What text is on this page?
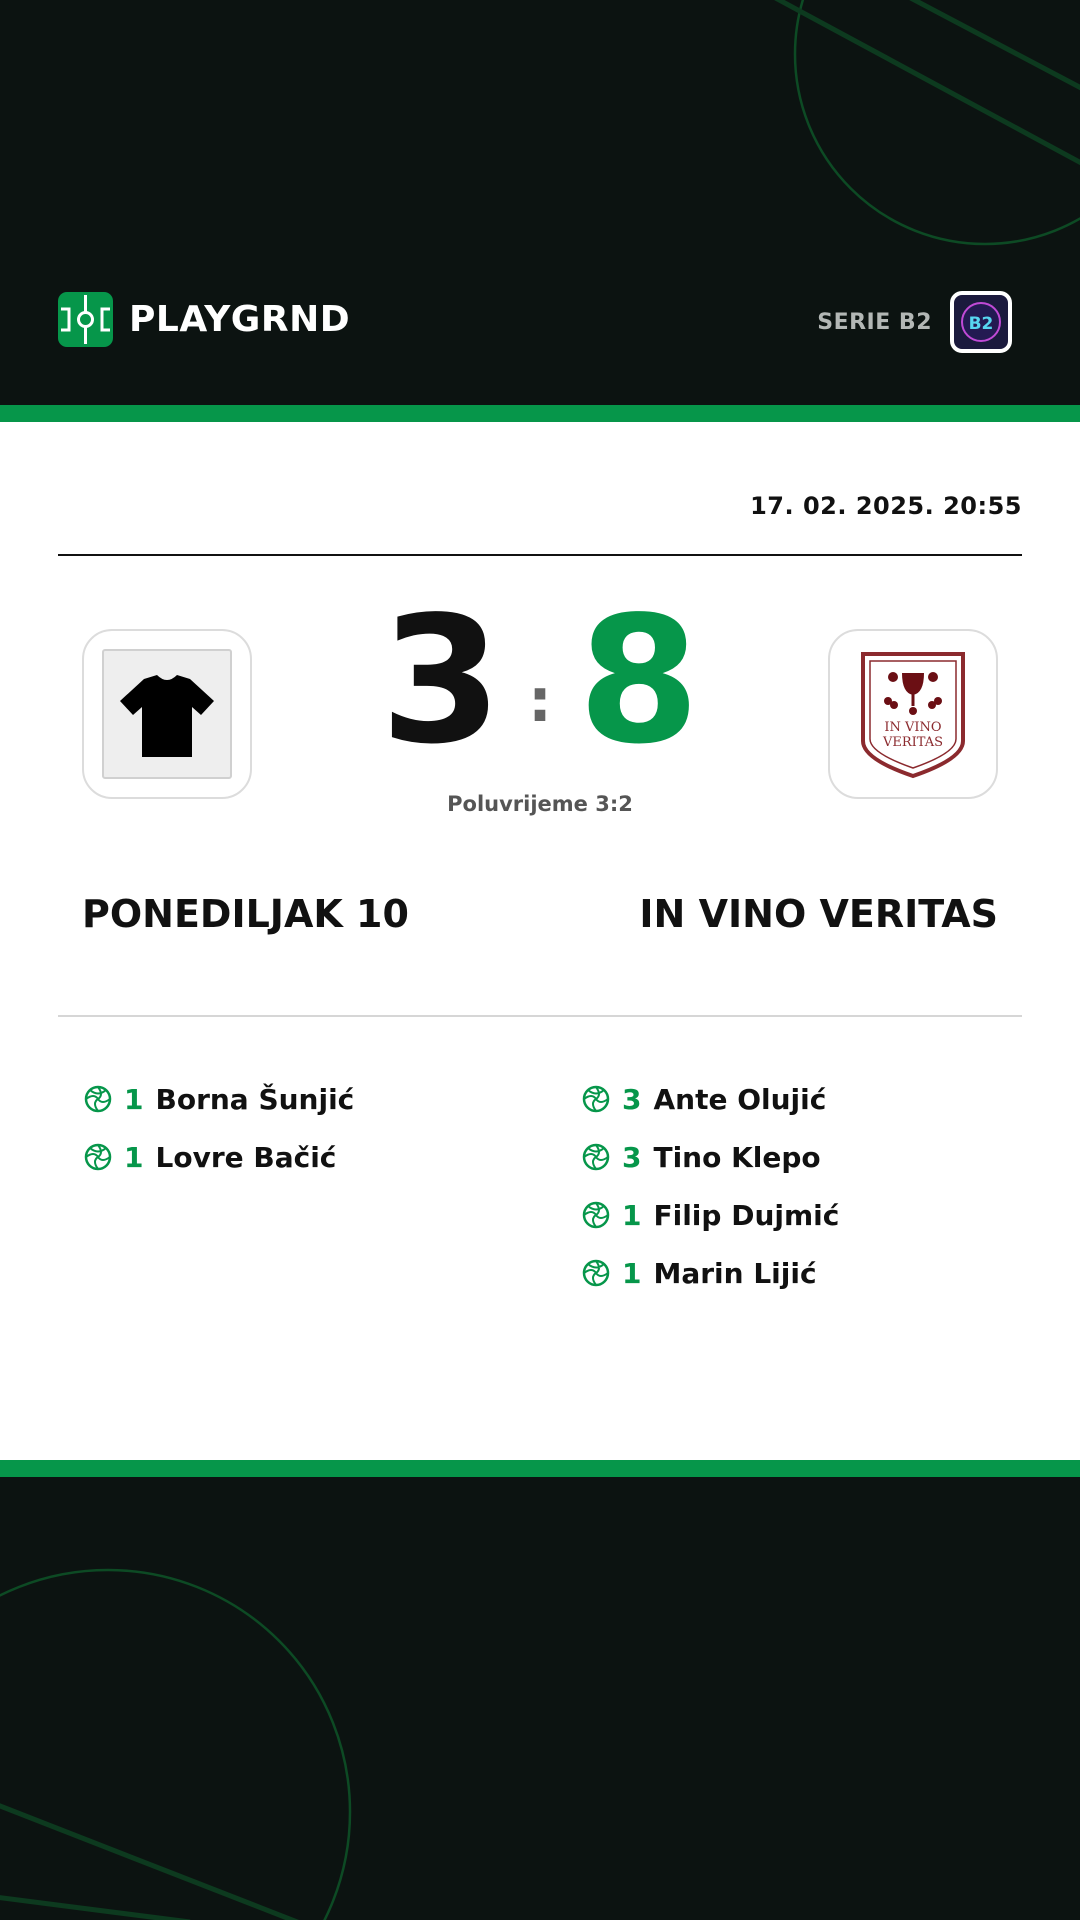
PLAYGRND	SERIE B2 B2
17. 02. 2025. 20:55
3 : 8
Poluvrijeme 3:2
IN VINO
VERITAS
PONEDILJAK 10	IN VINO VERITAS
1 Borna Šunjić
1 Lovre Bačić
3 Ante Olujić
3 Tino Klepo
1 Filip Dujmić
1 Marin Lijić
